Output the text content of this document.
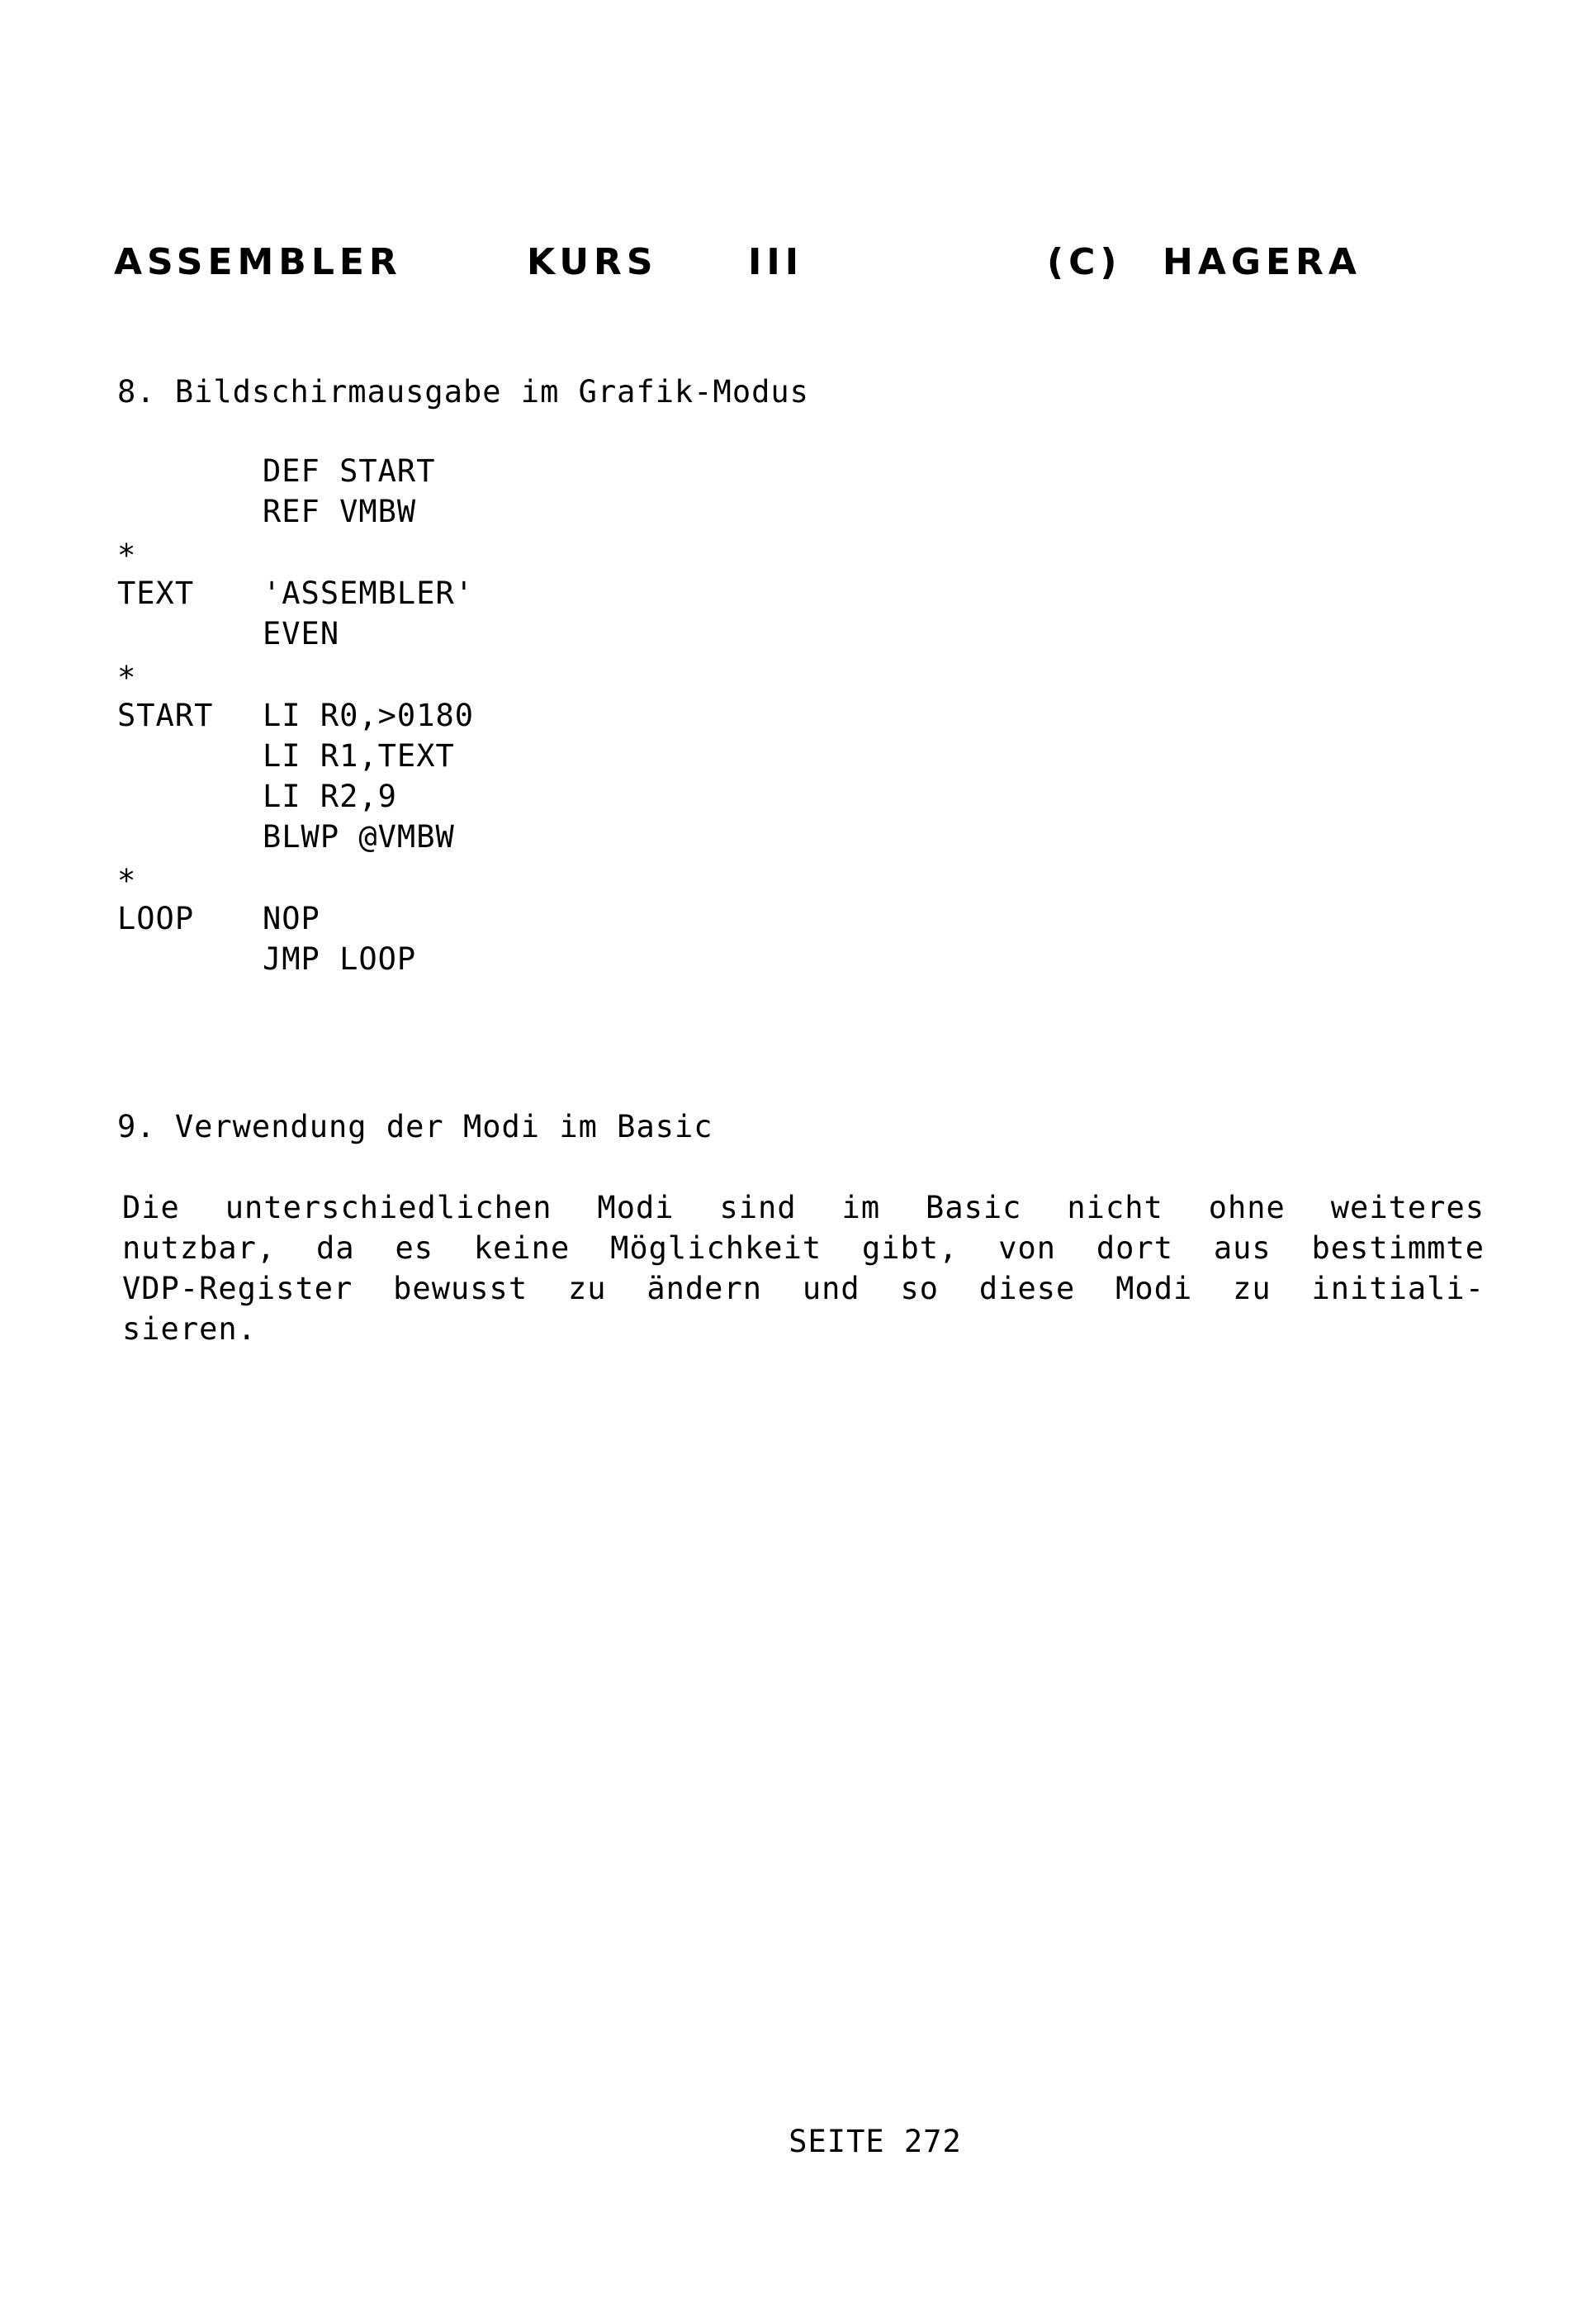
ASSEMBLER	KURS III	(C) HAGERA
8. Bildschirmausgabe im Grafik-Modus
DEF START
REF VMBW
*
TEXT 'ASSEMBLER'
EVEN
*
START LI R0,>0180
LI R1,TEXT
LI R2,9
BLWP @VMBW
*
LOOP NOP
JMP LOOP
9. Verwendung der Modi im Basic
Die unterschiedlichen Modi sind im Basic nicht ohne weiteres
nutzbar, da es keine Möglichkeit gibt, von dort aus bestimmte
VDP-Register bewusst zu ändern und so diese Modi zu initiali-
sieren.
SEITE 272
